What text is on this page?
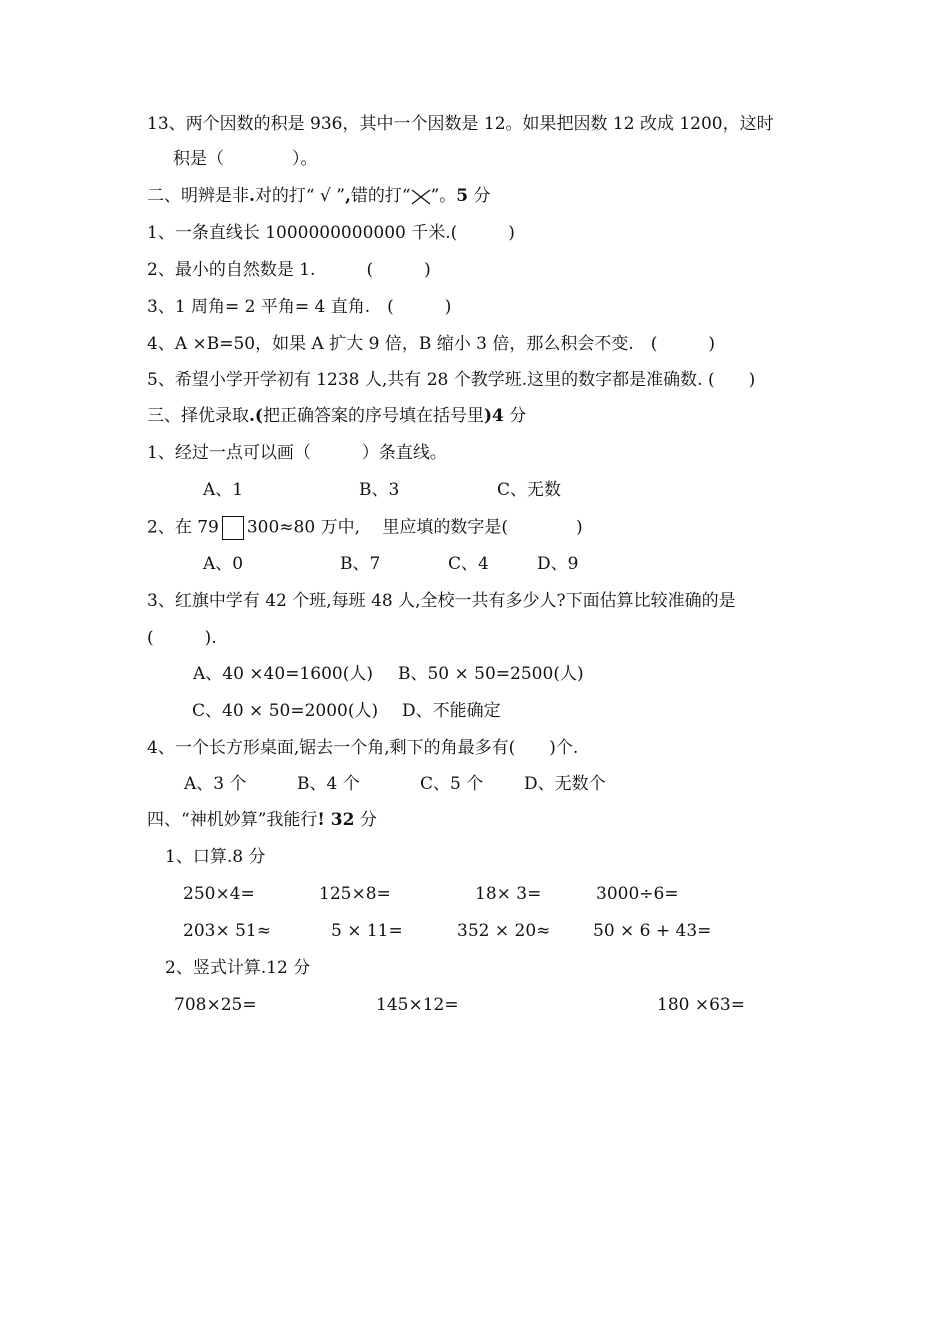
13、两个因数的积是 936，其中一个因数是 12。如果把因数 12 改成 1200，这时
积是（　　　　）。
二、明辨是非.对的打“ √ ”,错的打“ ”。5 分
1、一条直线长 1000000000000 千米.(　　　)
2、最小的自然数是 1.　　　(　　　)
3、1 周角= 2 平角= 4 直角.　(　　　)
4、A ×B=50，如果 A 扩大 9 倍，B 缩小 3 倍，那么积会不变.　(　　　)
5、希望小学开学初有 1238 人,共有 28 个教学班.这里的数字都是准确数. (　　)
三、择优录取.(把正确答案的序号填在括号里)4 分
1、经过一点可以画（　　　）条直线。
A、1	B、3	C、无数
2、在 79 300≈80 万中,　 里应填的数字是(　　　　)
A、0	B、7	C、4	D、9
3、红旗中学有 42 个班,每班 48 人,全校一共有多少人?下面估算比较准确的是
(　　　).
A、40 ×40=1600(人) B、50 × 50=2500(人)
C、40 × 50=2000(人) D、不能确定
4、一个长方形桌面,锯去一个角,剩下的角最多有(　　)个.
A、3 个	B、4 个	C、5 个 D、无数个
四、“神机妙算”我能行! 32 分
1、口算.8 分
250×4=	125×8=	18× 3=	3000÷6=
203× 51≈	5 × 11=	352 × 20≈	50 × 6 + 43=
2、竖式计算.12 分
708×25=	145×12=	180 ×63=
